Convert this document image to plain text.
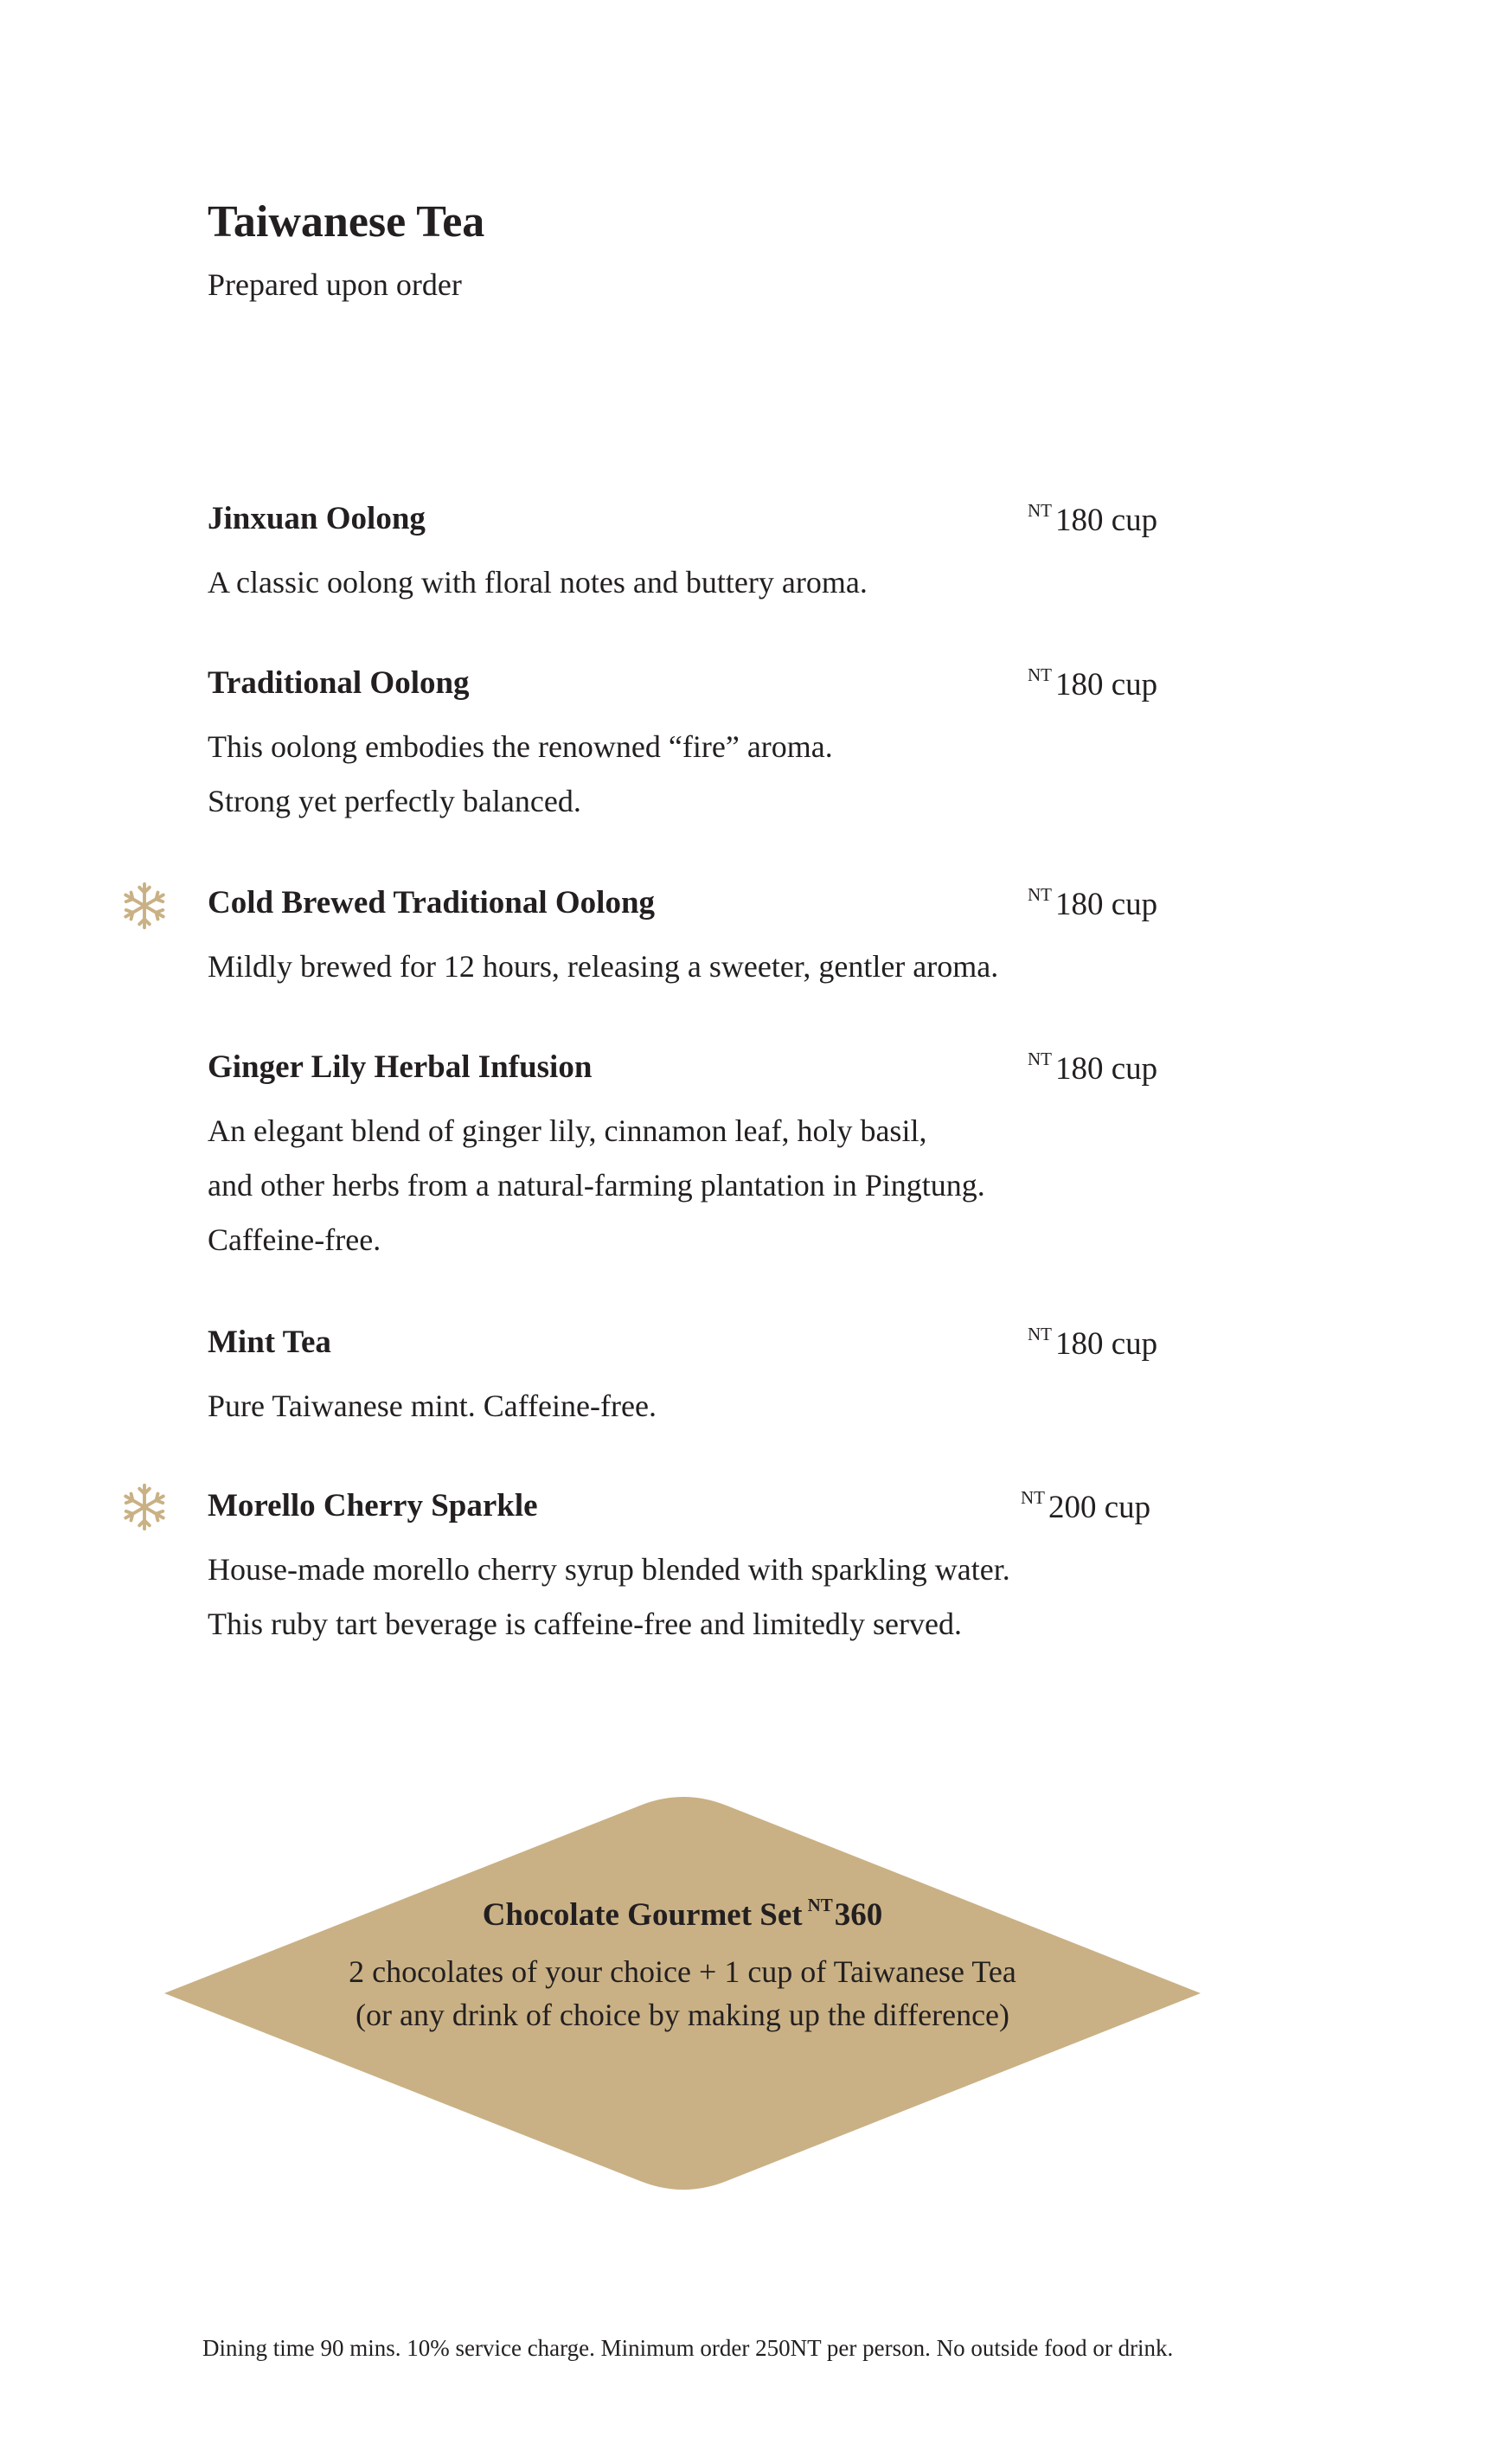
Taiwanese Tea
Prepared upon order
Jinxuan Oolong	$^{NT}$ 180 cup
A classic oolong with floral notes and buttery aroma.
Traditional Oolong	$^{NT}$ 180 cup
This oolong embodies the renowned “fire” aroma.
Strong yet perfectly balanced.
Cold Brewed Traditional Oolong	$^{NT}$ 180 cup
Mildly brewed for 12 hours, releasing a sweeter, gentler aroma.
Ginger Lily Herbal Infusion	$^{NT}$ 180 cup
An elegant blend of ginger lily, cinnamon leaf, holy basil,
and other herbs from a natural-farming plantation in Pingtung.
Caffeine-free.
Mint Tea	$^{NT}$ 180 cup
Pure Taiwanese mint. Caffeine-free.
Morello Cherry Sparkle	$^{NT}$ 200 cup
House-made morello cherry syrup blended with sparkling water.
This ruby tart beverage is caffeine-free and limitedly served.
Chocolate Gourmet Set $^{NT}$360
2 chocolates of your choice + 1 cup of Taiwanese Tea
(or any drink of choice by making up the difference)
Dining time 90 mins. 10% service charge. Minimum order 250NT per person. No outside food or drink.
